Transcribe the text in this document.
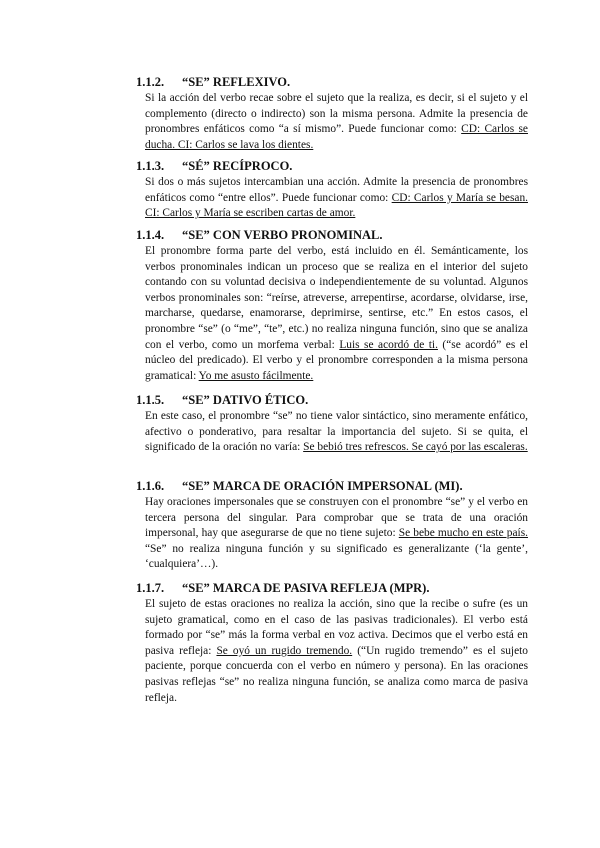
1.1.2. “SE” REFLEXIVO.

Si la acción del verbo recae sobre el sujeto que la realiza, es decir, si el sujeto y el complemento (directo o indirecto) son la misma persona. Admite la presencia de pronombres enfáticos como “a sí mismo”. Puede funcionar como: CD: Carlos se ducha. CI: Carlos se lava los dientes.

1.1.3. “SÉ” RECÍPROCO.

Si dos o más sujetos intercambian una acción. Admite la presencia de pronombres enfáticos como “entre ellos”. Puede funcionar como: CD: Carlos y María se besan. CI: Carlos y María se escriben cartas de amor.

1.1.4. “SE” CON VERBO PRONOMINAL.

El pronombre forma parte del verbo, está incluido en él. Semánticamente, los verbos pronominales indican un proceso que se realiza en el interior del sujeto contando con su voluntad decisiva o independientemente de su voluntad. Algunos verbos pronominales son: “reírse, atreverse, arrepentirse, acordarse, olvidarse, irse, marcharse, quedarse, enamorarse, deprimirse, sentirse, etc.” En estos casos, el pronombre “se” (o “me”, “te”, etc.) no realiza ninguna función, sino que se analiza con el verbo, como un morfema verbal: Luis se acordó de ti. (“se acordó” es el núcleo del predicado). El verbo y el pronombre corresponden a la misma persona gramatical: Yo me asusto fácilmente.

1.1.5. “SE” DATIVO ÉTICO.

En este caso, el pronombre “se” no tiene valor sintáctico, sino meramente enfático, afectivo o ponderativo, para resaltar la importancia del sujeto. Si se quita, el significado de la oración no varía: Se bebió tres refrescos. Se cayó por las escaleras.

1.1.6. “SE” MARCA DE ORACIÓN IMPERSONAL (MI).

Hay oraciones impersonales que se construyen con el pronombre “se” y el verbo en tercera persona del singular. Para comprobar que se trata de una oración impersonal, hay que asegurarse de que no tiene sujeto: Se bebe mucho en este país. “Se” no realiza ninguna función y su significado es generalizante (‘la gente’, ‘cualquiera’…).

1.1.7. “SE” MARCA DE PASIVA REFLEJA (MPR).

El sujeto de estas oraciones no realiza la acción, sino que la recibe o sufre (es un sujeto gramatical, como en el caso de las pasivas tradicionales). El verbo está formado por “se” más la forma verbal en voz activa. Decimos que el verbo está en pasiva refleja: Se oyó un rugido tremendo. (“Un rugido tremendo” es el sujeto paciente, porque concuerda con el verbo en número y persona). En las oraciones pasivas reflejas “se” no realiza ninguna función, se analiza como marca de pasiva refleja.
